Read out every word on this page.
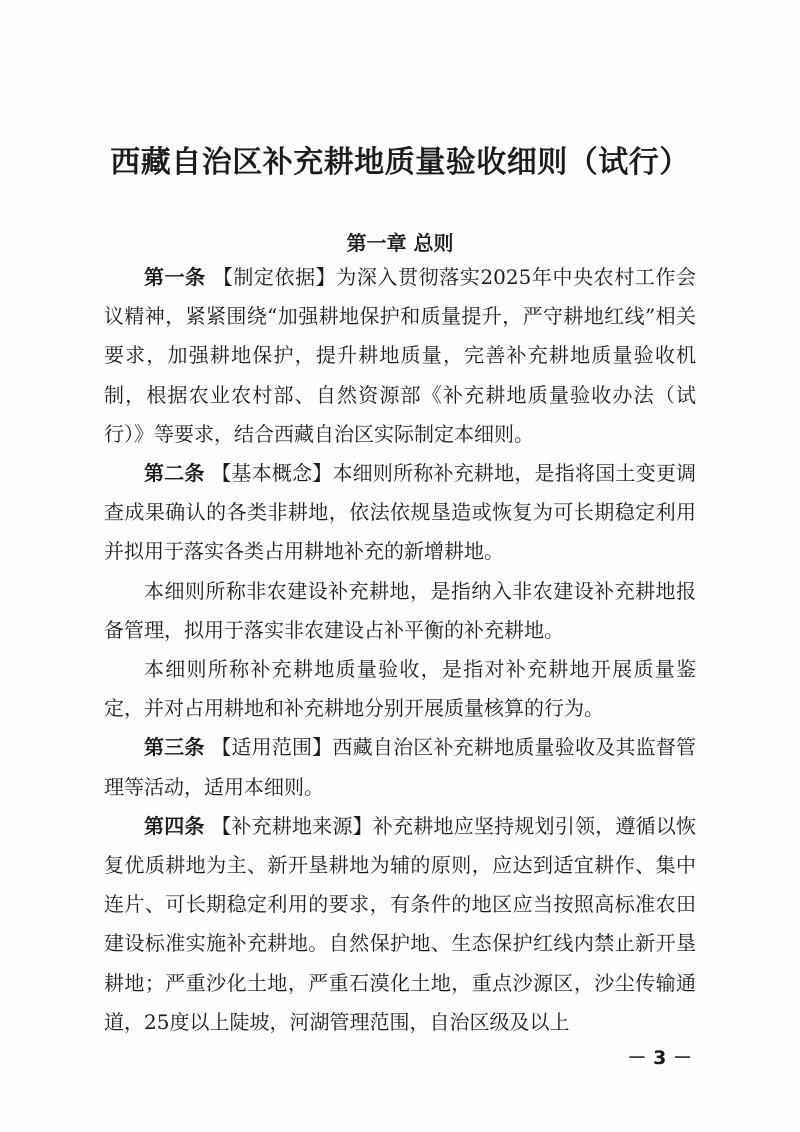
西藏自治区补充耕地质量验收细则（试行）
第一章 总则

第一条 【制定依据】为深入贯彻落实2025年中央农村工作会议精神，紧紧围绕“加强耕地保护和质量提升，严守耕地红线”相关要求，加强耕地保护，提升耕地质量，完善补充耕地质量验收机制，根据农业农村部、自然资源部《补充耕地质量验收办法（试行）》等要求，结合西藏自治区实际制定本细则。

第二条 【基本概念】本细则所称补充耕地，是指将国土变更调查成果确认的各类非耕地，依法依规垦造或恢复为可长期稳定利用并拟用于落实各类占用耕地补充的新增耕地。

本细则所称非农建设补充耕地，是指纳入非农建设补充耕地报备管理，拟用于落实非农建设占补平衡的补充耕地。

本细则所称补充耕地质量验收，是指对补充耕地开展质量鉴定，并对占用耕地和补充耕地分别开展质量核算的行为。

第三条 【适用范围】西藏自治区补充耕地质量验收及其监督管理等活动，适用本细则。

第四条 【补充耕地来源】补充耕地应坚持规划引领，遵循以恢复优质耕地为主、新开垦耕地为辅的原则，应达到适宜耕作、集中连片、可长期稳定利用的要求，有条件的地区应当按照高标准农田建设标准实施补充耕地。自然保护地、生态保护红线内禁止新开垦耕地；严重沙化土地，严重石漠化土地，重点沙源区，沙尘传输通道，25度以上陡坡，河湖管理范围，自治区级及以上

－ 3 －
